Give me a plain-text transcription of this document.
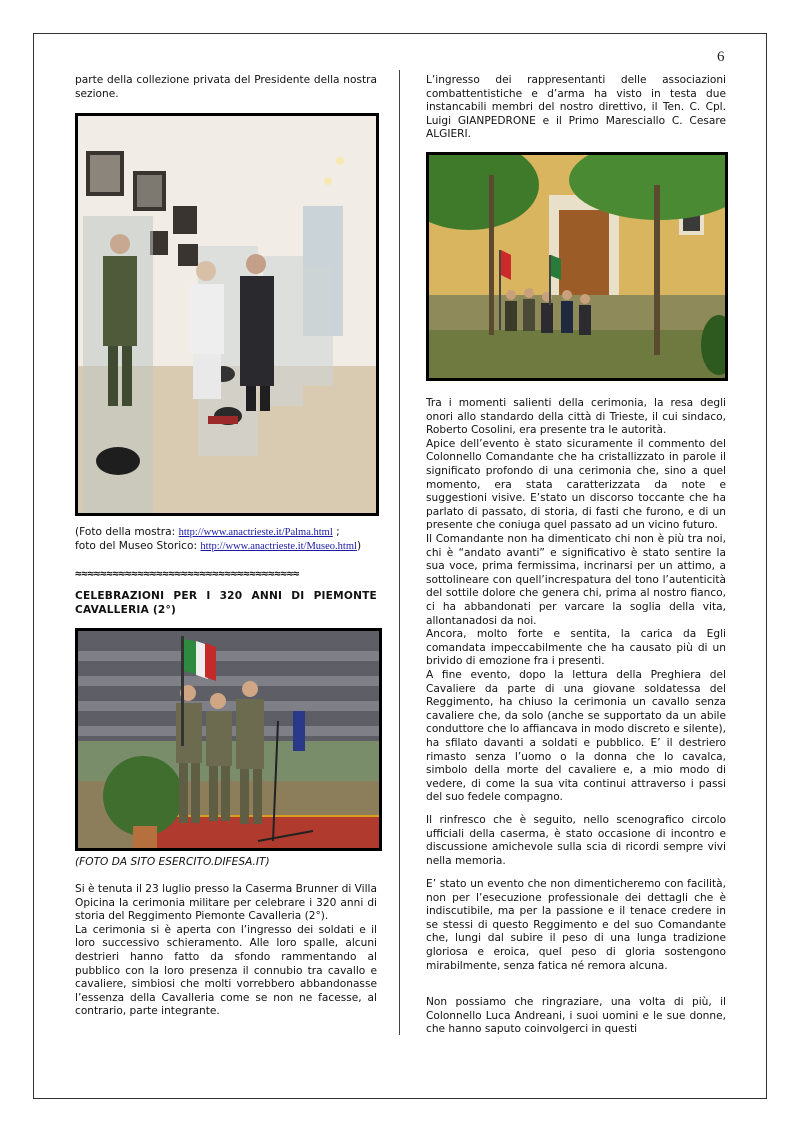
6

parte della collezione privata del Presidente della nostra sezione.

(Foto della mostra: http://www.anactrieste.it/Palma.html ;
foto del Museo Storico: http://www.anactrieste.it/Museo.html)
≈≈≈≈≈≈≈≈≈≈≈≈≈≈≈≈≈≈≈≈≈≈≈≈≈≈≈≈≈≈≈≈≈≈≈≈

CELEBRAZIONI PER I 320 ANNI DI PIEMONTE CAVALLERIA (2°)

(FOTO DA SITO ESERCITO.DIFESA.IT)

Si è tenuta il 23 luglio presso la Caserma Brunner di Villa Opicina la cerimonia militare per celebrare i 320 anni di storia del Reggimento Piemonte Cavalleria (2°).

La cerimonia si è aperta con l’ingresso dei soldati e il loro successivo schieramento. Alle loro spalle, alcuni destrieri hanno fatto da sfondo rammentando al pubblico con la loro presenza il connubio tra cavallo e cavaliere, simbiosi che molti vorrebbero abbandonasse l’essenza della Cavalleria come se non ne facesse, al contrario, parte integrante.

L’ingresso dei rappresentanti delle associazioni combattentistiche e d’arma ha visto in testa due instancabili membri del nostro direttivo, il Ten. C. Cpl. Luigi GIANPEDRONE e il Primo Maresciallo C. Cesare ALGIERI.

Tra i momenti salienti della cerimonia, la resa degli onori allo standardo della città di Trieste, il cui sindaco, Roberto Cosolini, era presente tra le autorità.

Apice dell’evento è stato sicuramente il commento del Colonnello Comandante che ha cristallizzato in parole il significato profondo di una cerimonia che, sino a quel momento, era stata caratterizzata da note e suggestioni visive. E’stato un discorso toccante che ha parlato di passato, di storia, di fasti che furono, e di un presente che coniuga quel passato ad un vicino futuro.

Il Comandante non ha dimenticato chi non è più tra noi, chi è “andato avanti” e significativo è stato sentire la sua voce, prima fermissima, incrinarsi per un attimo, a sottolineare con quell’increspatura del tono l’autenticità del sottile dolore che genera chi, prima al nostro fianco, ci ha abbandonati per varcare la soglia della vita, allontanadosi da noi.

Ancora, molto forte e sentita, la carica da Egli comandata impeccabilmente che ha causato più di un brivido di emozione fra i presenti.

A fine evento, dopo la lettura della Preghiera del Cavaliere da parte di una giovane soldatessa del Reggimento, ha chiuso la cerimonia un cavallo senza cavaliere che, da solo (anche se supportato da un abile conduttore che lo affiancava in modo discreto e silente), ha sfilato davanti a soldati e pubblico. E’ il destriero rimasto senza l’uomo o la donna che lo cavalca, simbolo della morte del cavaliere e, a mio modo di vedere, di come la sua vita continui attraverso i passi del suo fedele compagno.

Il rinfresco che è seguito, nello scenografico circolo ufficiali della caserma, è stato occasione di incontro e discussione amichevole sulla scia di ricordi sempre vivi nella memoria.

E’ stato un evento che non dimenticheremo con facilità, non per l’esecuzione professionale dei dettagli che è indiscutibile, ma per la passione e il tenace credere in se stessi di questo Reggimento e del suo Comandante che, lungi dal subire il peso di una lunga tradizione gloriosa e eroica, quel peso di gloria sostengono mirabilmente, senza fatica né remora alcuna.

Non possiamo che ringraziare, una volta di più, il Colonnello Luca Andreani, i suoi uomini e le sue donne, che hanno saputo coinvolgerci in questi
